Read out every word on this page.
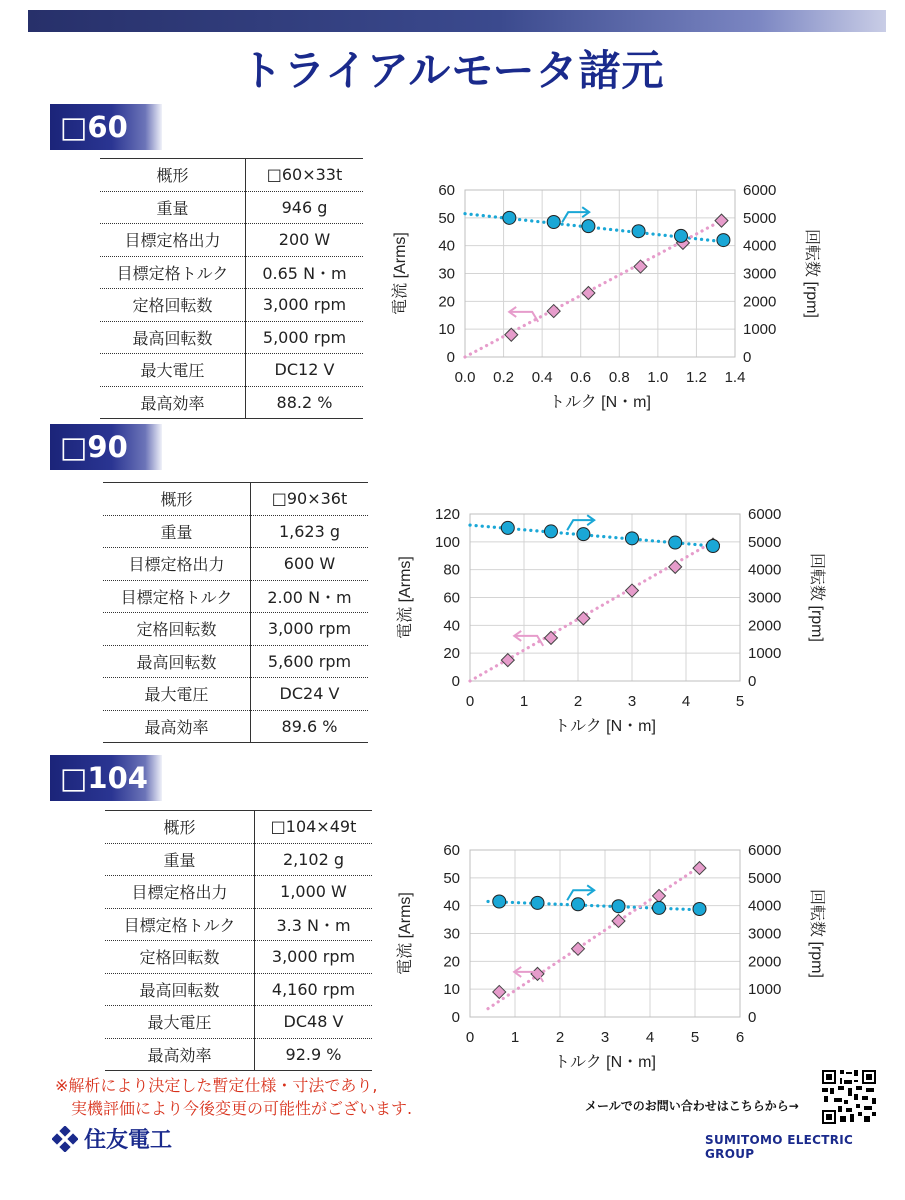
トライアルモータ諸元
□60
概形	□60×33t
重量	946 g
目標定格出力	200 W
目標定格トルク	0.65 N・m
定格回転数	3,000 rpm
最高回転数	5,000 rpm
最大電圧	DC12 V
最高効率	88.2 %
0
10
20
30
40
50
60
0
1000
2000
3000
4000
5000
6000
0.0 0.2 0.4 0.6 0.8 1.0 1.2 1.4
トルク [N・m]
電流 [Arms]	回転数 [rpm]
□90
概形	□90×36t
重量	1,623 g
目標定格出力	600 W
目標定格トルク	2.00 N・m
定格回転数	3,000 rpm
最高回転数	5,600 rpm
最大電圧	DC24 V
最高効率	89.6 %
0
20
40
60
80
100
120
0
1000
2000
3000
4000
5000
6000
0	1	2	3	4	5
トルク [N・m]
電流 [Arms]	回転数 [rpm]
□104
概形	□104×49t
重量	2,102 g
目標定格出力	1,000 W
目標定格トルク	3.3 N・m
定格回転数	3,000 rpm
最高回転数	4,160 rpm
最大電圧	DC48 V
最高効率	92.9 %
0
10
20
30
40
50
60
0
1000
2000
3000
4000
5000
6000
0 1 2 3 4 5 6
トルク [N・m]
電流 [Arms]	回転数 [rpm]
※解析により決定した暫定仕様・寸法であり,
実機評価により今後変更の可能性がございます.
住友電工
メールでのお問い合わせはこちらから→
SUMITOMO ELECTRIC GROUP
